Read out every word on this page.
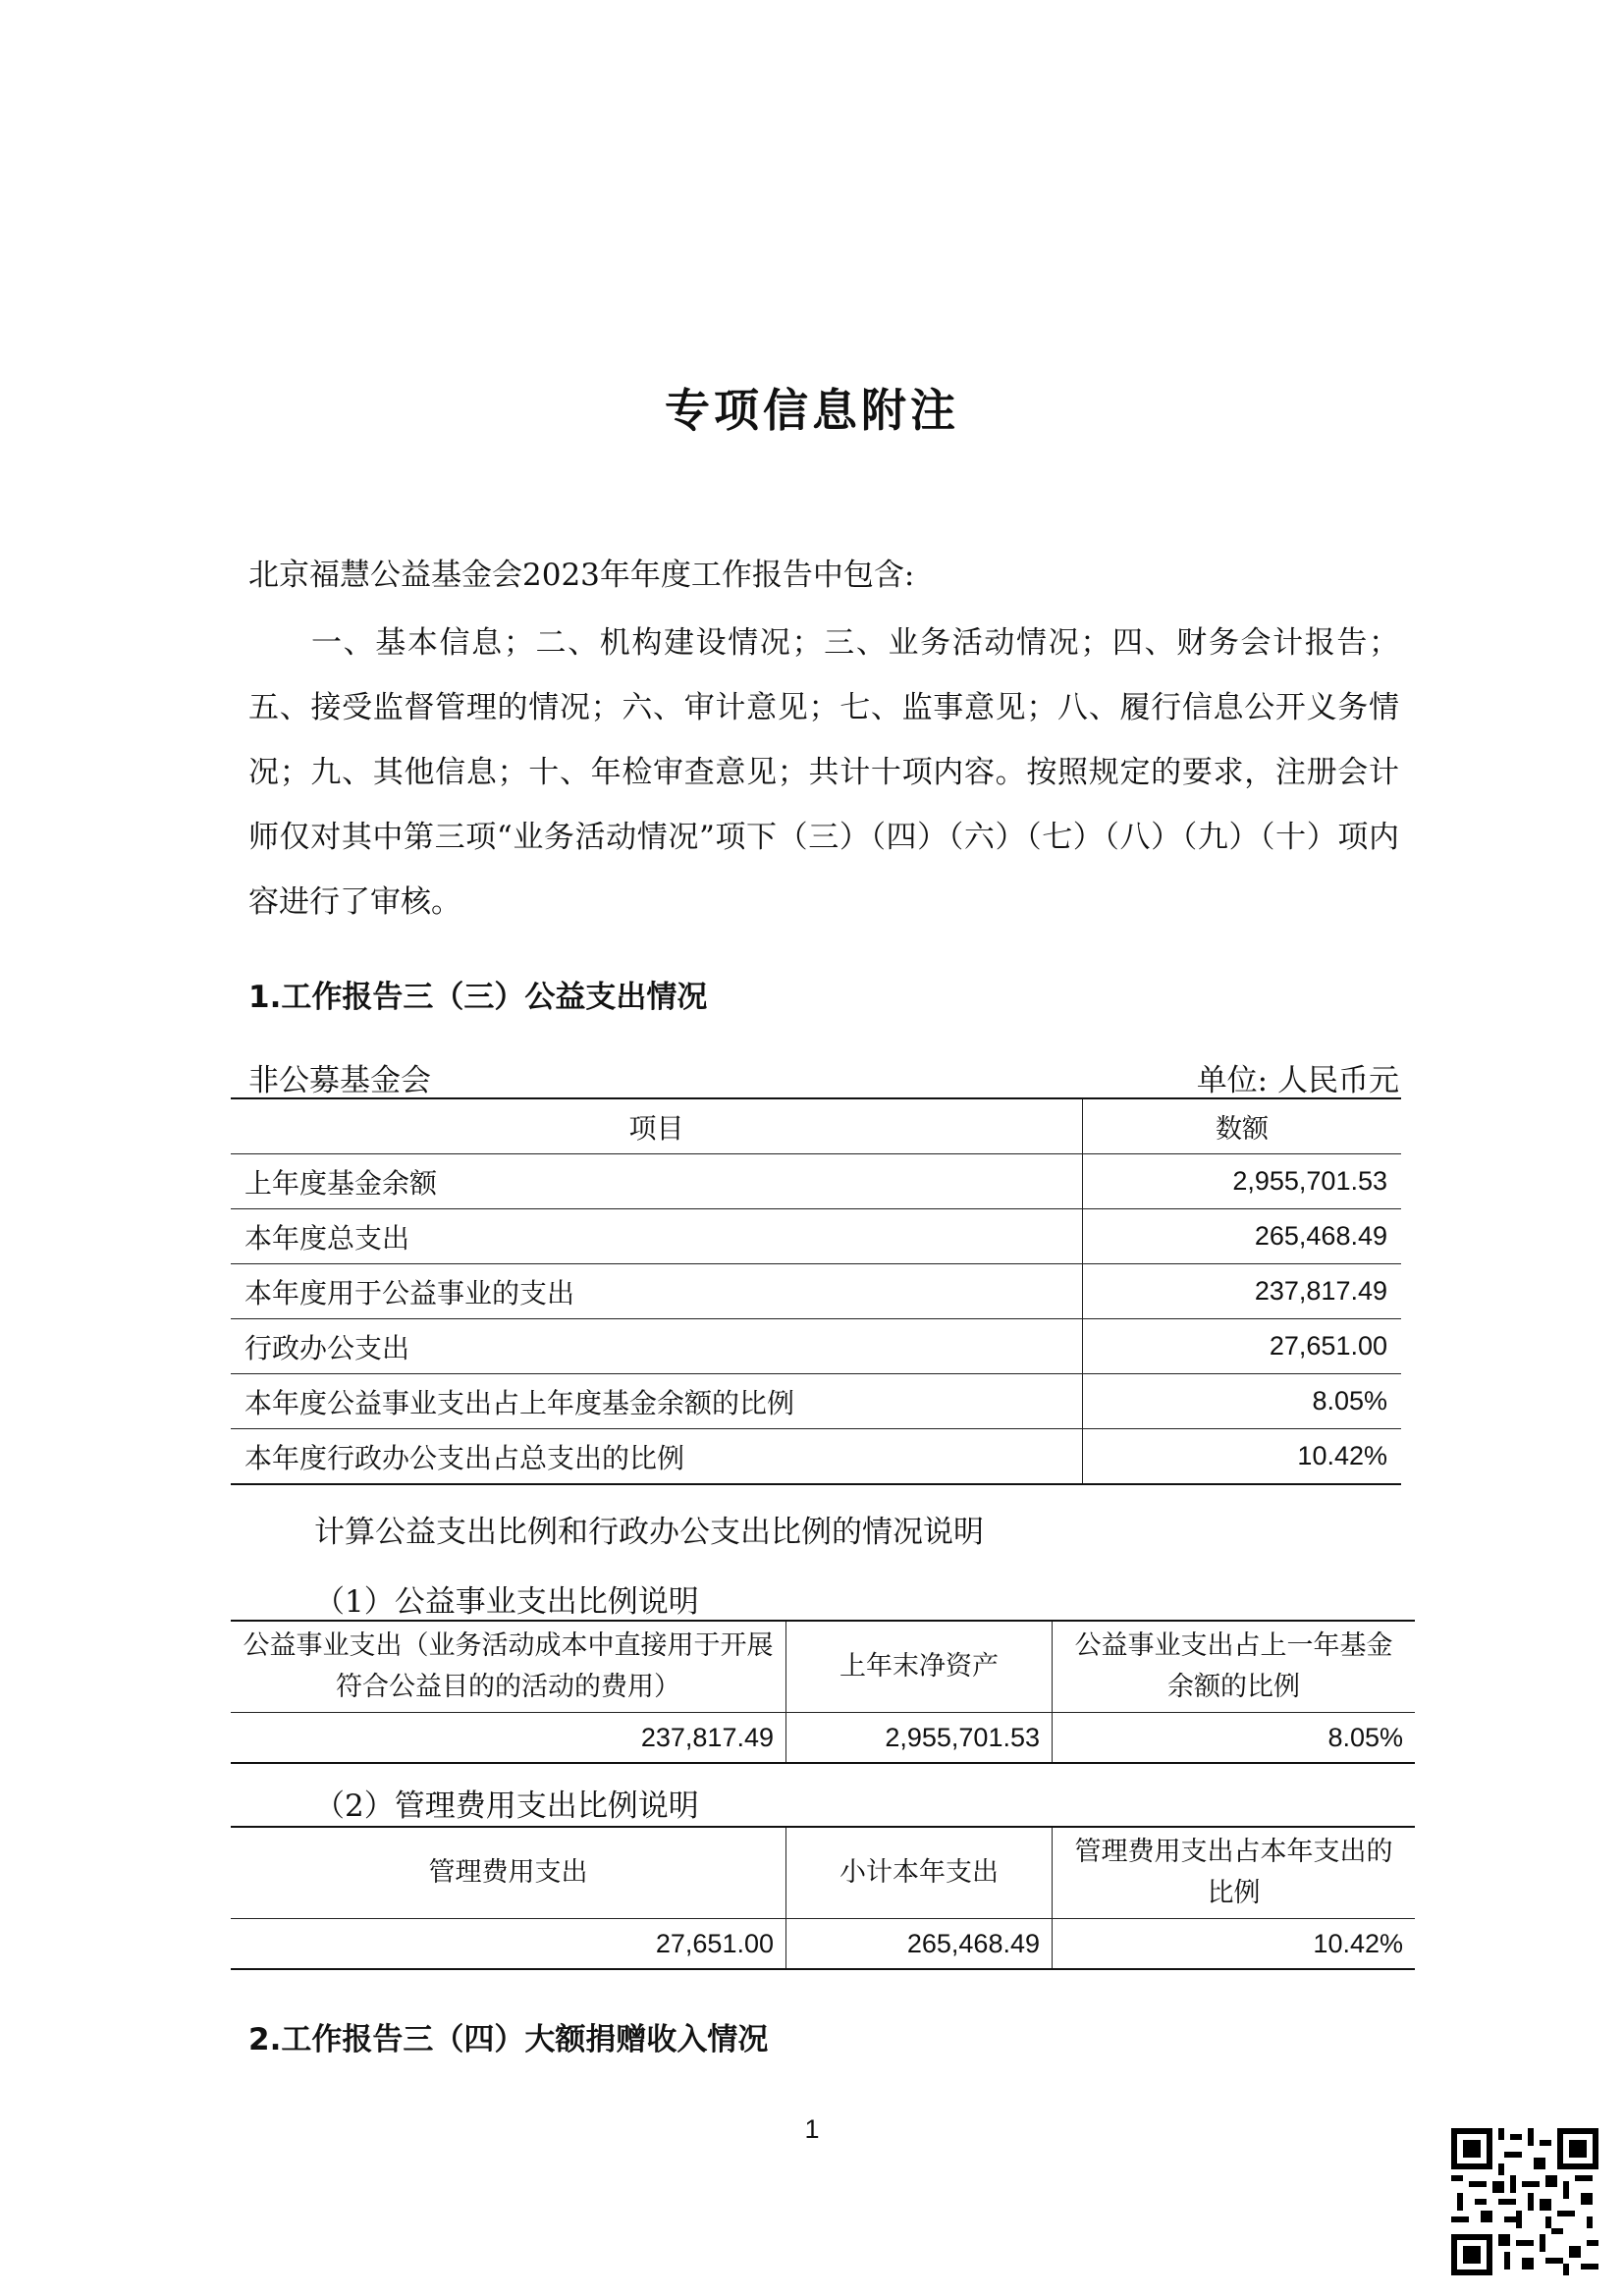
专项信息附注
北京福慧公益基金会2023年年度工作报告中包含:
一、基本信息；二、机构建设情况；三、业务活动情况；四、财务会计报告；五、接受监督管理的情况；六、审计意见；七、监事意见；八、履行信息公开义务情况；九、其他信息；十、年检审查意见；共计十项内容。按照规定的要求，注册会计师仅对其中第三项“业务活动情况”项下（三）（四）（六）（七）（八）（九）（十）项内容进行了审核。
1.工作报告三（三）公益支出情况
非公募基金会	单位: 人民币元
项目	数额
上年度基金余额	2,955,701.53
本年度总支出	265,468.49
本年度用于公益事业的支出	237,817.49
行政办公支出	27,651.00
本年度公益事业支出占上年度基金余额的比例	8.05%
本年度行政办公支出占总支出的比例	10.42%
计算公益支出比例和行政办公支出比例的情况说明
（1）公益事业支出比例说明
公益事业支出（业务活动成本中直接用于开展符合公益目的的活动的费用）	上年末净资产	公益事业支出占上一年基金余额的比例
237,817.49	2,955,701.53	8.05%
（2）管理费用支出比例说明
管理费用支出	小计本年支出	管理费用支出占本年支出的比例
27,651.00	265,468.49	10.42%
2.工作报告三（四）大额捐赠收入情况
1
